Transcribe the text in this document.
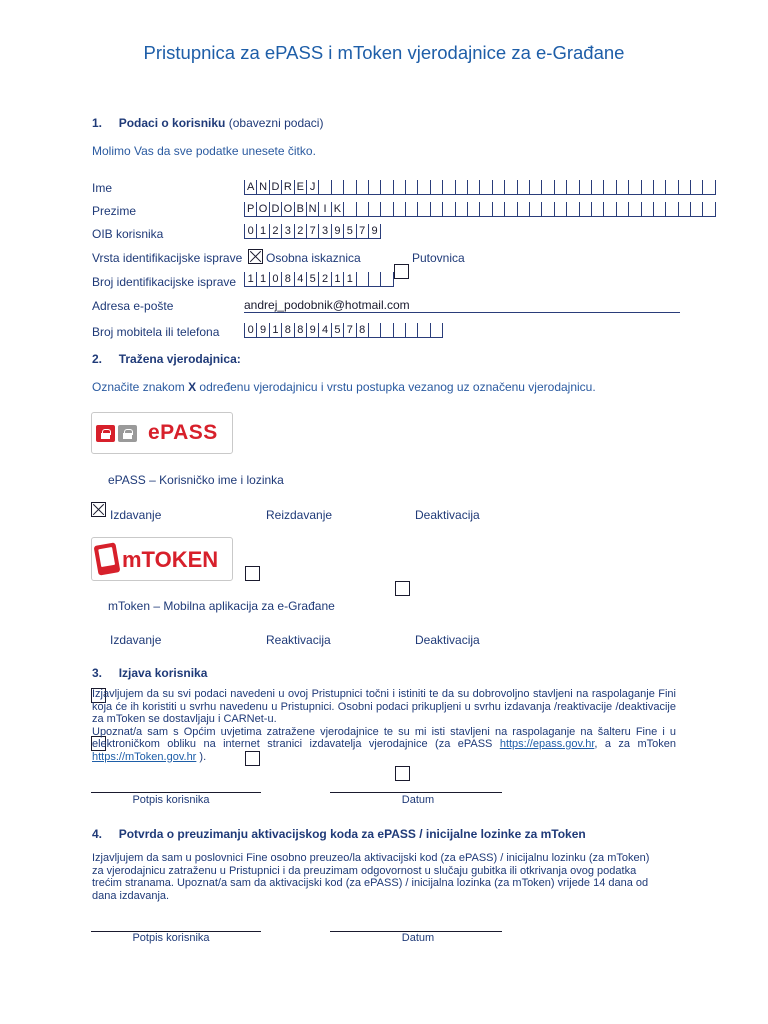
Pristupnica za ePASS i mToken vjerodajnice za e-Građane
1. Podaci o korisniku (obavezni podaci)
Molimo Vas da sve podatke unesete čitko.
Ime	A N D R E J
Prezime	P O D O B N I K
OIB korisnika	0 1 2 3 2 7 3 9 5 7 9
Vrsta identifikacijske isprave Osobna iskaznica	Putovnica
Broj identifikacijske isprave	1 1 0 8 4 5 2 1 1
Adresa e-pošte	andrej_podobnik@hotmail.com
Broj mobitela ili telefona	0 9 1 8 8 9 4 5 7 8
2. Tražena vjerodajnica:
Označite znakom X određenu vjerodajnicu i vrstu postupka vezanog uz označenu vjerodajnicu.
ePASS
ePASS – Korisničko ime i lozinka
Izdavanje	Reizdavanje	Deaktivacija
mTOKEN
mToken – Mobilna aplikacija za e-Građane
Izdavanje	Reaktivacija	Deaktivacija
3. Izjava korisnika
Izjavljujem da su svi podaci navedeni u ovoj Pristupnici točni i istiniti te da su dobrovoljno stavljeni na raspolaganje Fini koja će ih koristiti u svrhu navedenu u Pristupnici. Osobni podaci prikupljeni u svrhu izdavanja /reaktivacije /deaktivacije za mToken se dostavljaju i CARNet-u.
Upoznat/a sam s Općim uvjetima zatražene vjerodajnice te su mi isti stavljeni na raspolaganje na šalteru Fine i u elektroničkom obliku na internet stranici izdavatelja vjerodajnice (za ePASS https://epass.gov.hr, a za mToken https://mToken.gov.hr ).
Potpis korisnika	Datum
4. Potvrda o preuzimanju aktivacijskog koda za ePASS / inicijalne lozinke za mToken
Izjavljujem da sam u poslovnici Fine osobno preuzeo/la aktivacijski kod (za ePASS) / inicijalnu lozinku (za mToken) za vjerodajnicu zatraženu u Pristupnici i da preuzimam odgovornost u slučaju gubitka ili otkrivanja ovog podatka trećim stranama. Upoznat/a sam da aktivacijski kod (za ePASS) / inicijalna lozinka (za mToken) vrijede 14 dana od dana izdavanja.
Potpis korisnika	Datum
